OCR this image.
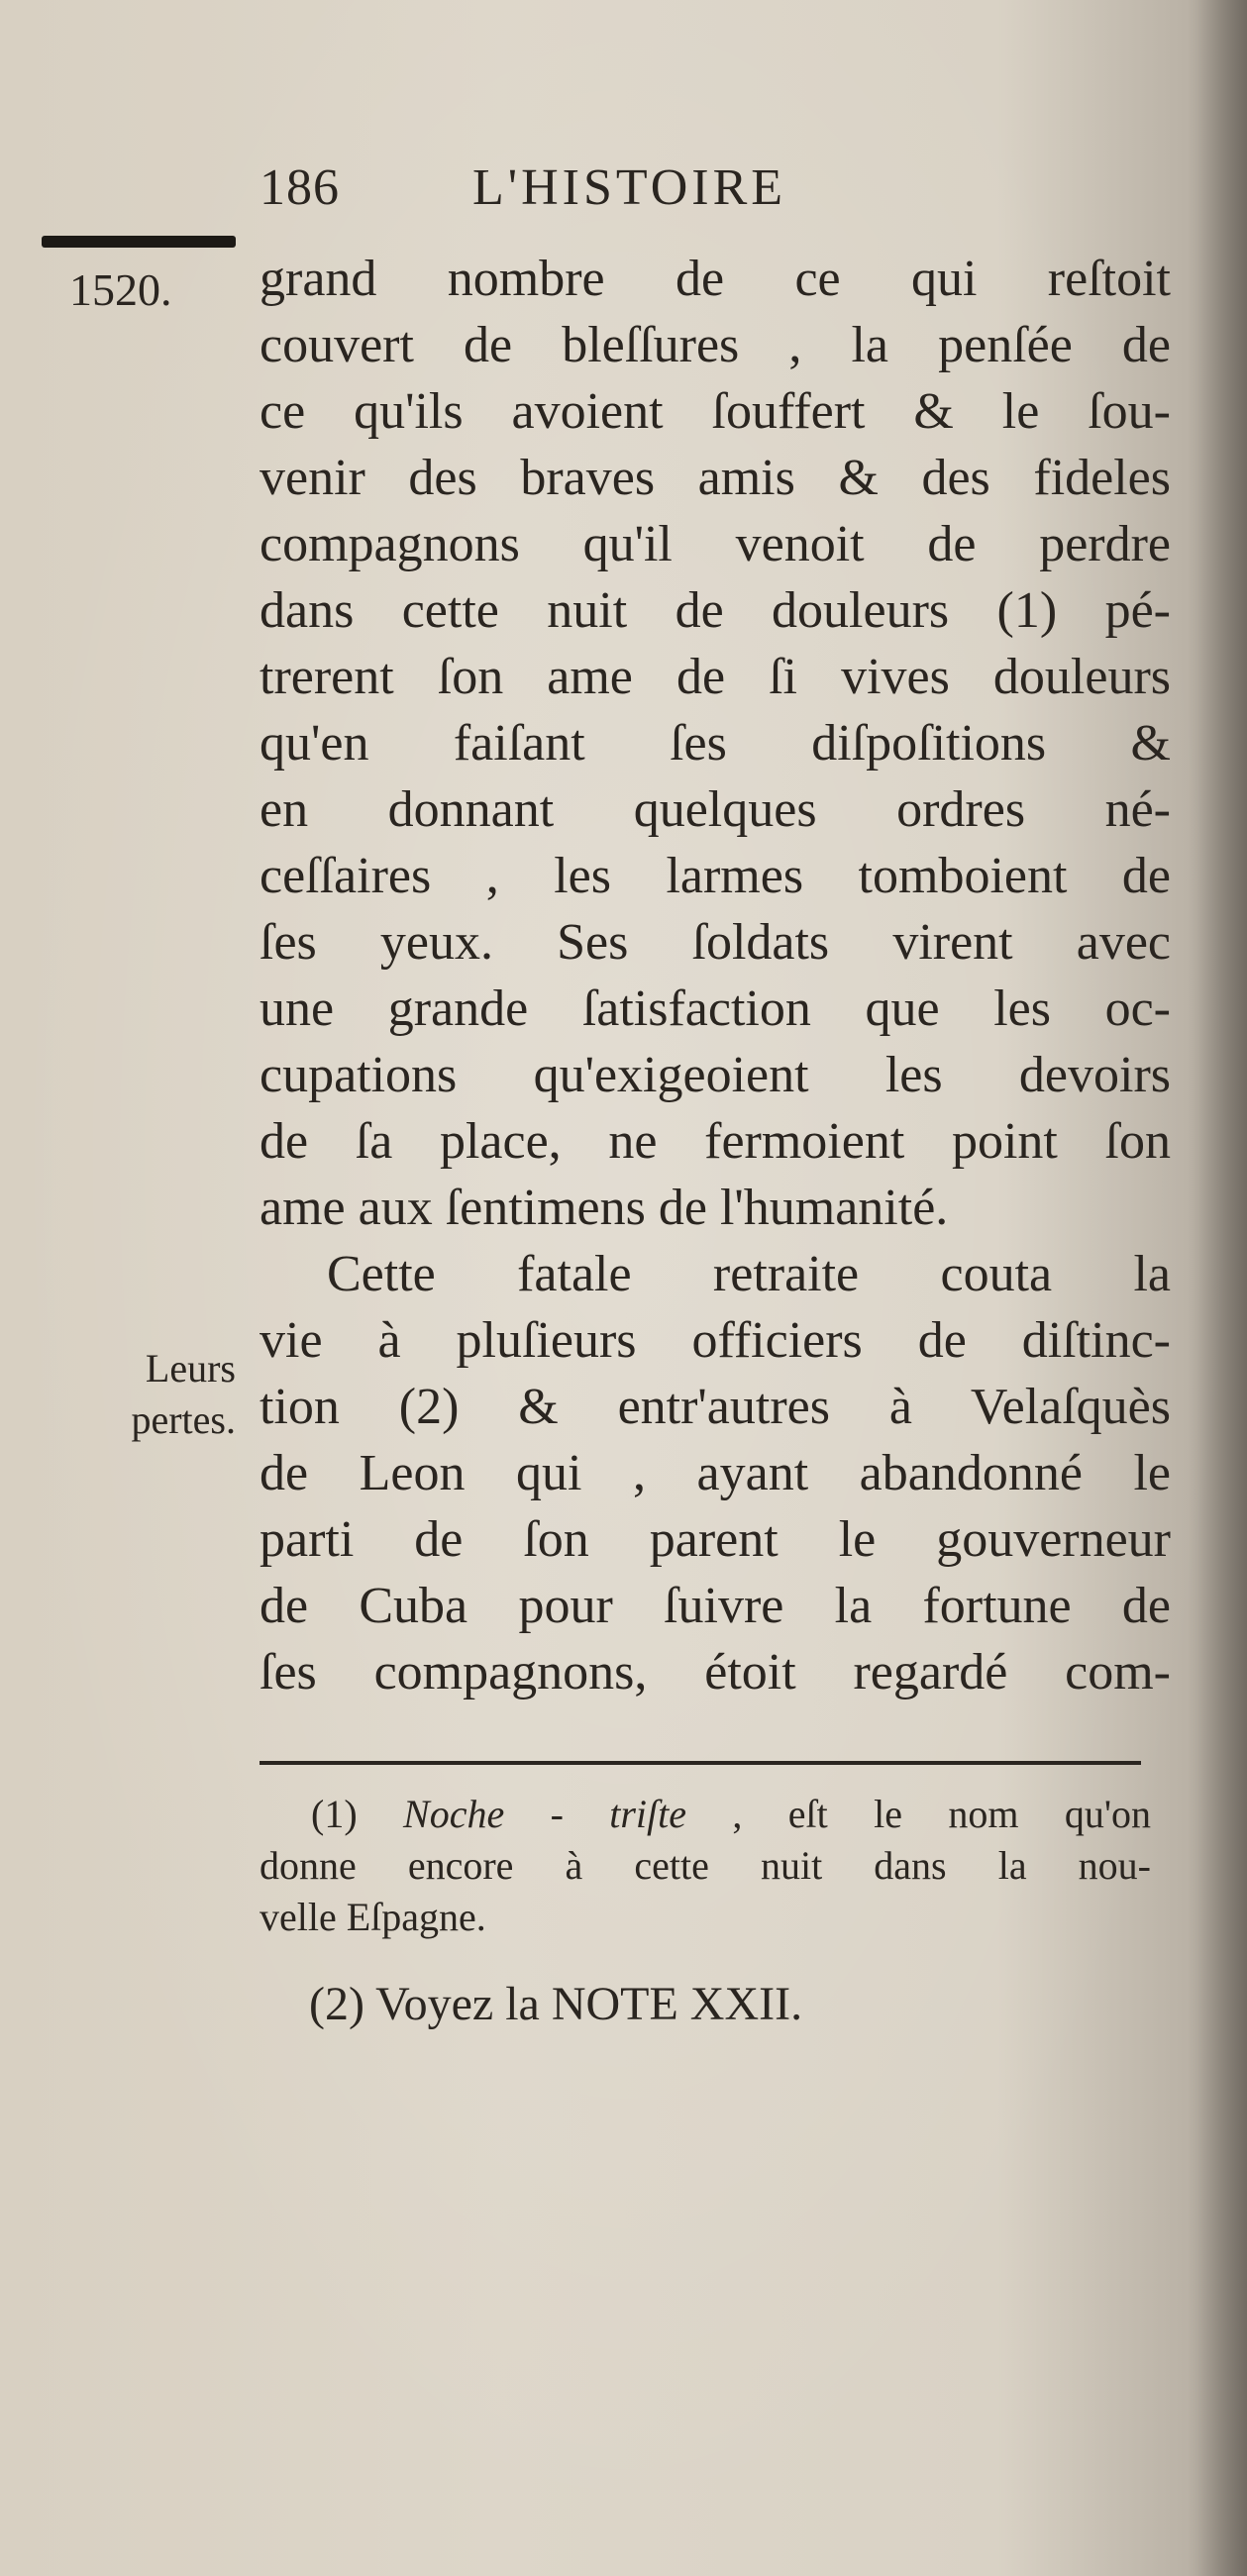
186	L'HISTOIRE
1520.
Leurs
pertes.
grand nombre de ce qui reſtoit
couvert de bleſſures , la penſée de
ce qu'ils avoient ſouffert & le ſou-
venir des braves amis & des fideles
compagnons qu'il venoit de perdre
dans cette nuit de douleurs (1) pé-
trerent ſon ame de ſi vives douleurs
qu'en faiſant ſes diſpoſitions &
en donnant quelques ordres né-
ceſſaires , les larmes tomboient de
ſes yeux. Ses ſoldats virent avec
une grande ſatisfaction que les oc-
cupations qu'exigeoient les devoirs
de ſa place, ne fermoient point ſon
ame aux ſentimens de l'humanité.
Cette fatale retraite couta la
vie à pluſieurs officiers de diſtinc-
tion (2) & entr'autres à Velaſquès
de Leon qui , ayant abandonné le
parti de ſon parent le gouverneur
de Cuba pour ſuivre la fortune de
ſes compagnons, étoit regardé com-
(1) Noche - triſte , eſt le nom qu'on
donne encore à cette nuit dans la nou-
velle Eſpagne.
(2) Voyez la NOTE XXII.
